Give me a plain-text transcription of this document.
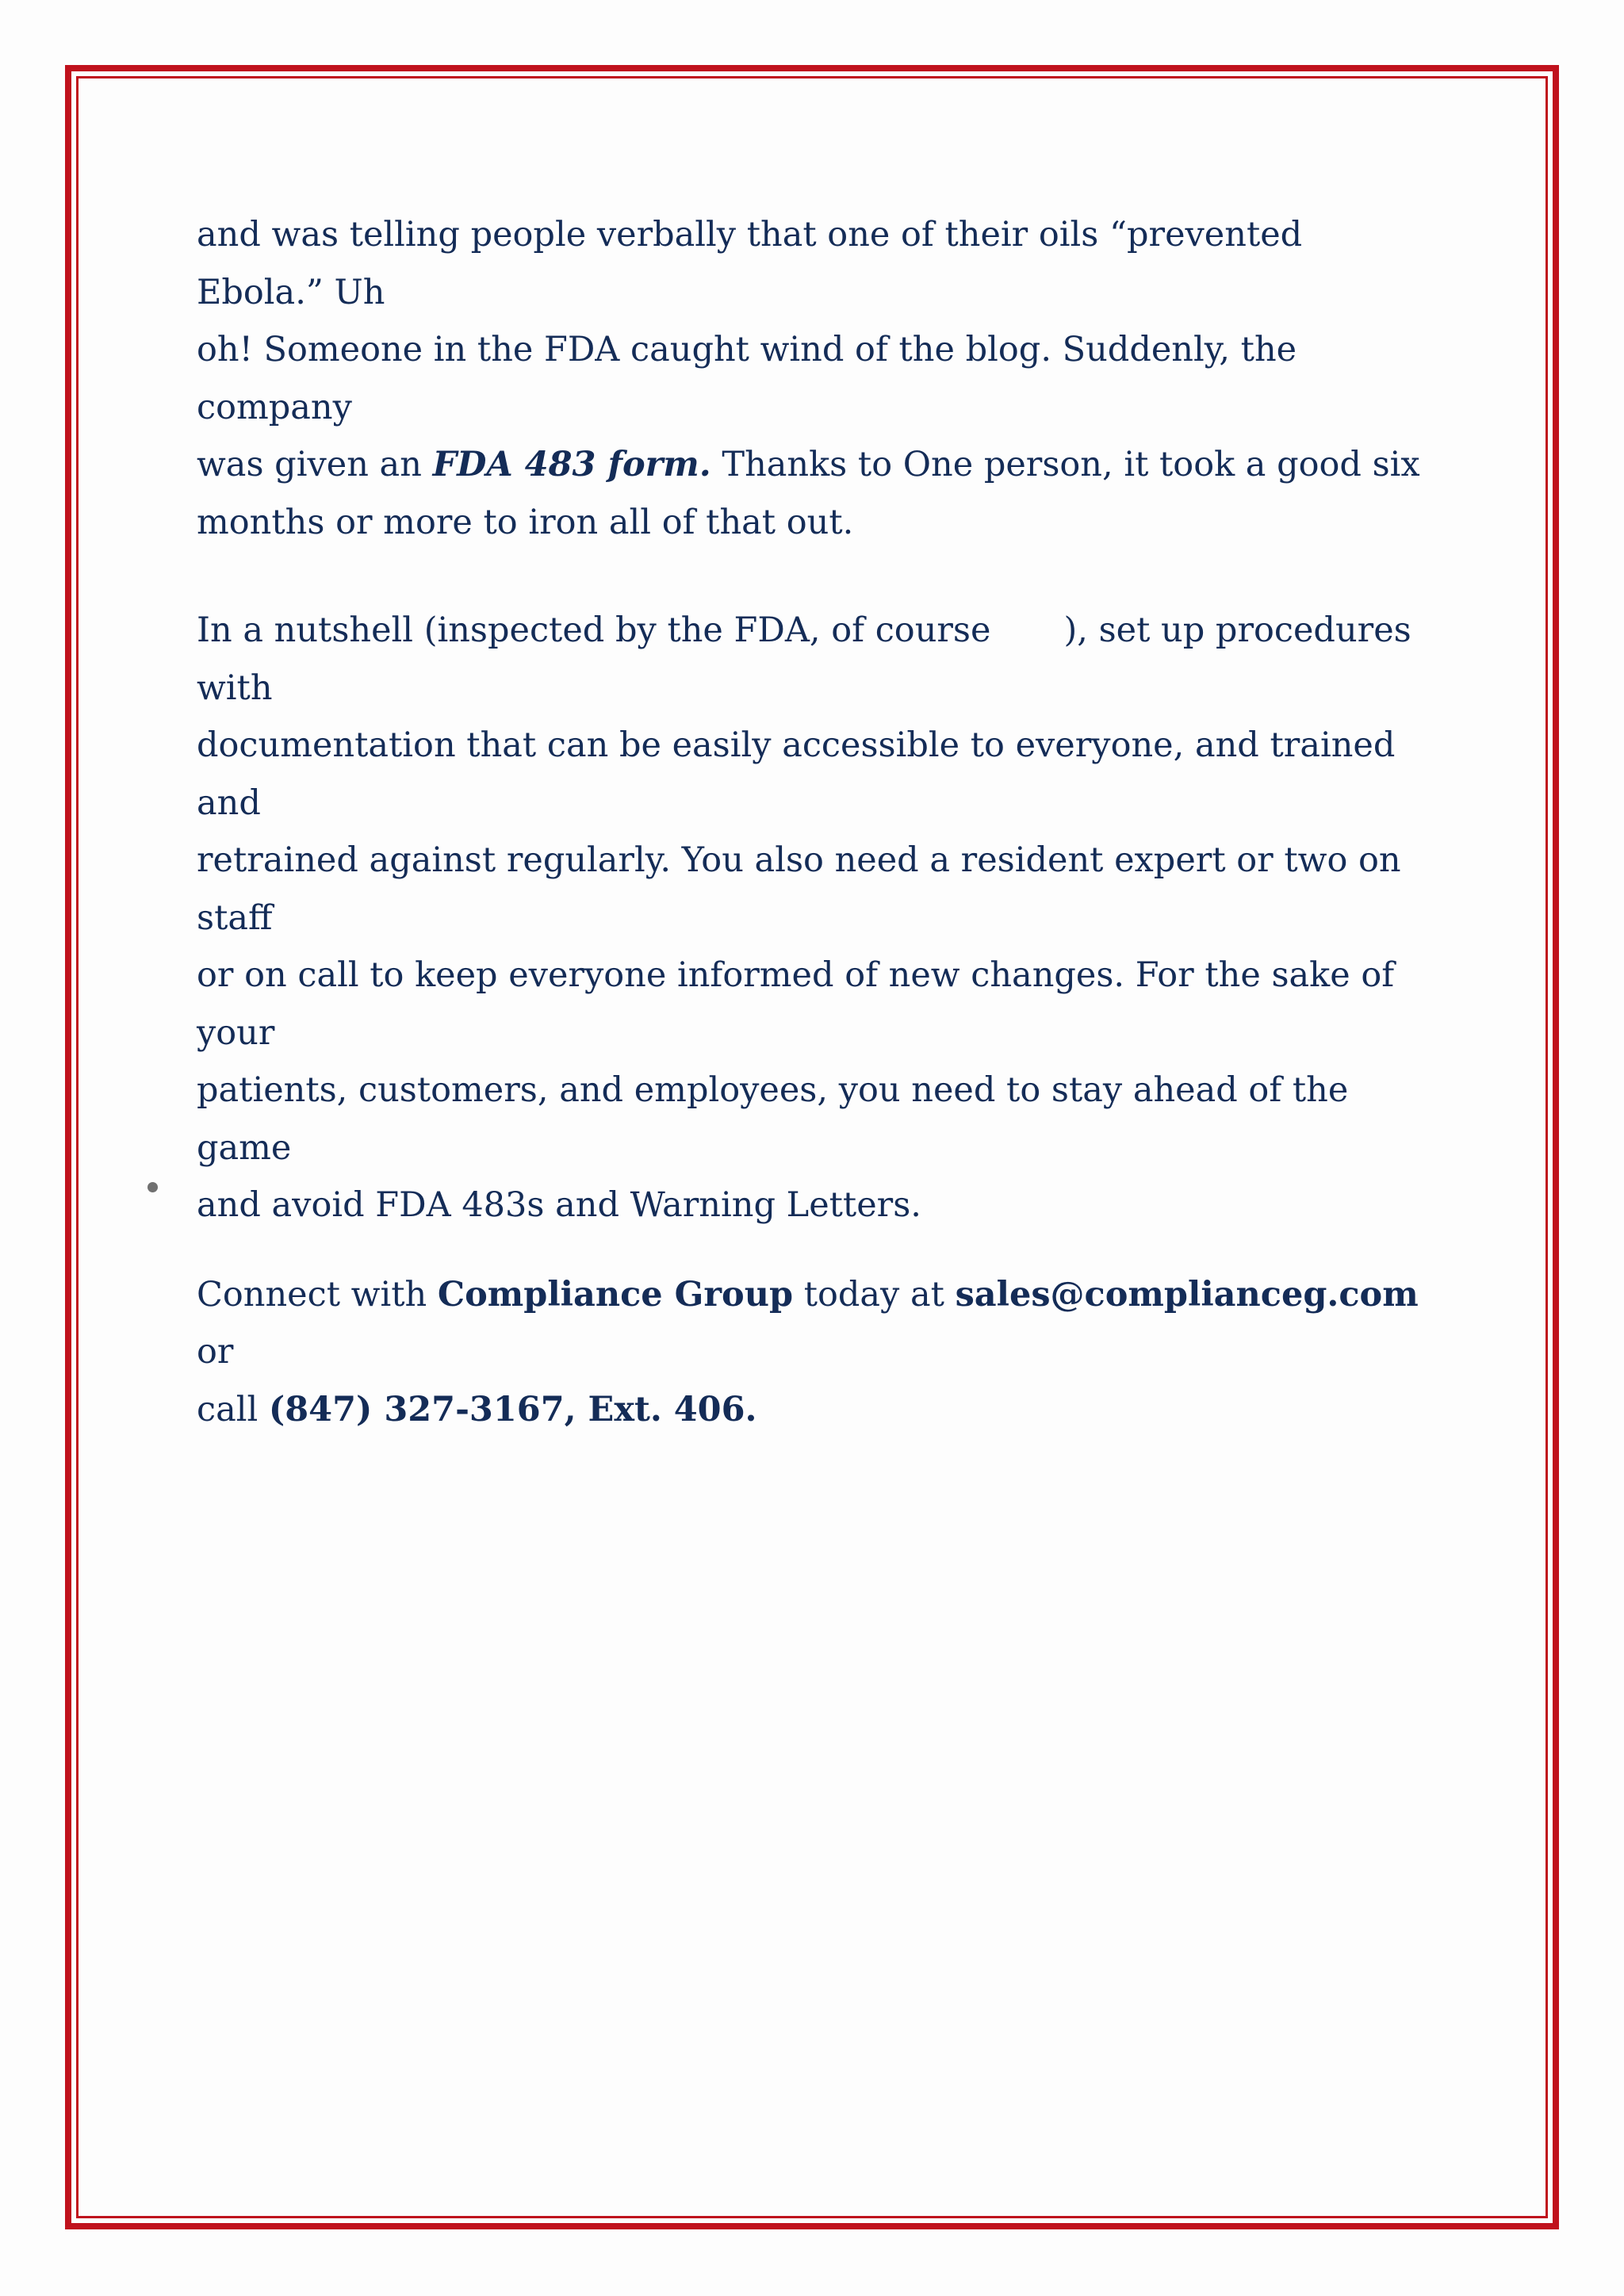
and was telling people verbally that one of their oils “prevented Ebola.” Uh
oh! Someone in the FDA caught wind of the blog. Suddenly, the company
was given an FDA 483 form. Thanks to One person, it took a good six
months or more to iron all of that out.

In a nutshell (inspected by the FDA, of course ), set up procedures with
documentation that can be easily accessible to everyone, and trained and
retrained against regularly. You also need a resident expert or two on staff
or on call to keep everyone informed of new changes. For the sake of your
patients, customers, and employees, you need to stay ahead of the game
and avoid FDA 483s and Warning Letters.

Connect with Compliance Group today at sales@complianceg.com or
call (847) 327-3167, Ext. 406.
